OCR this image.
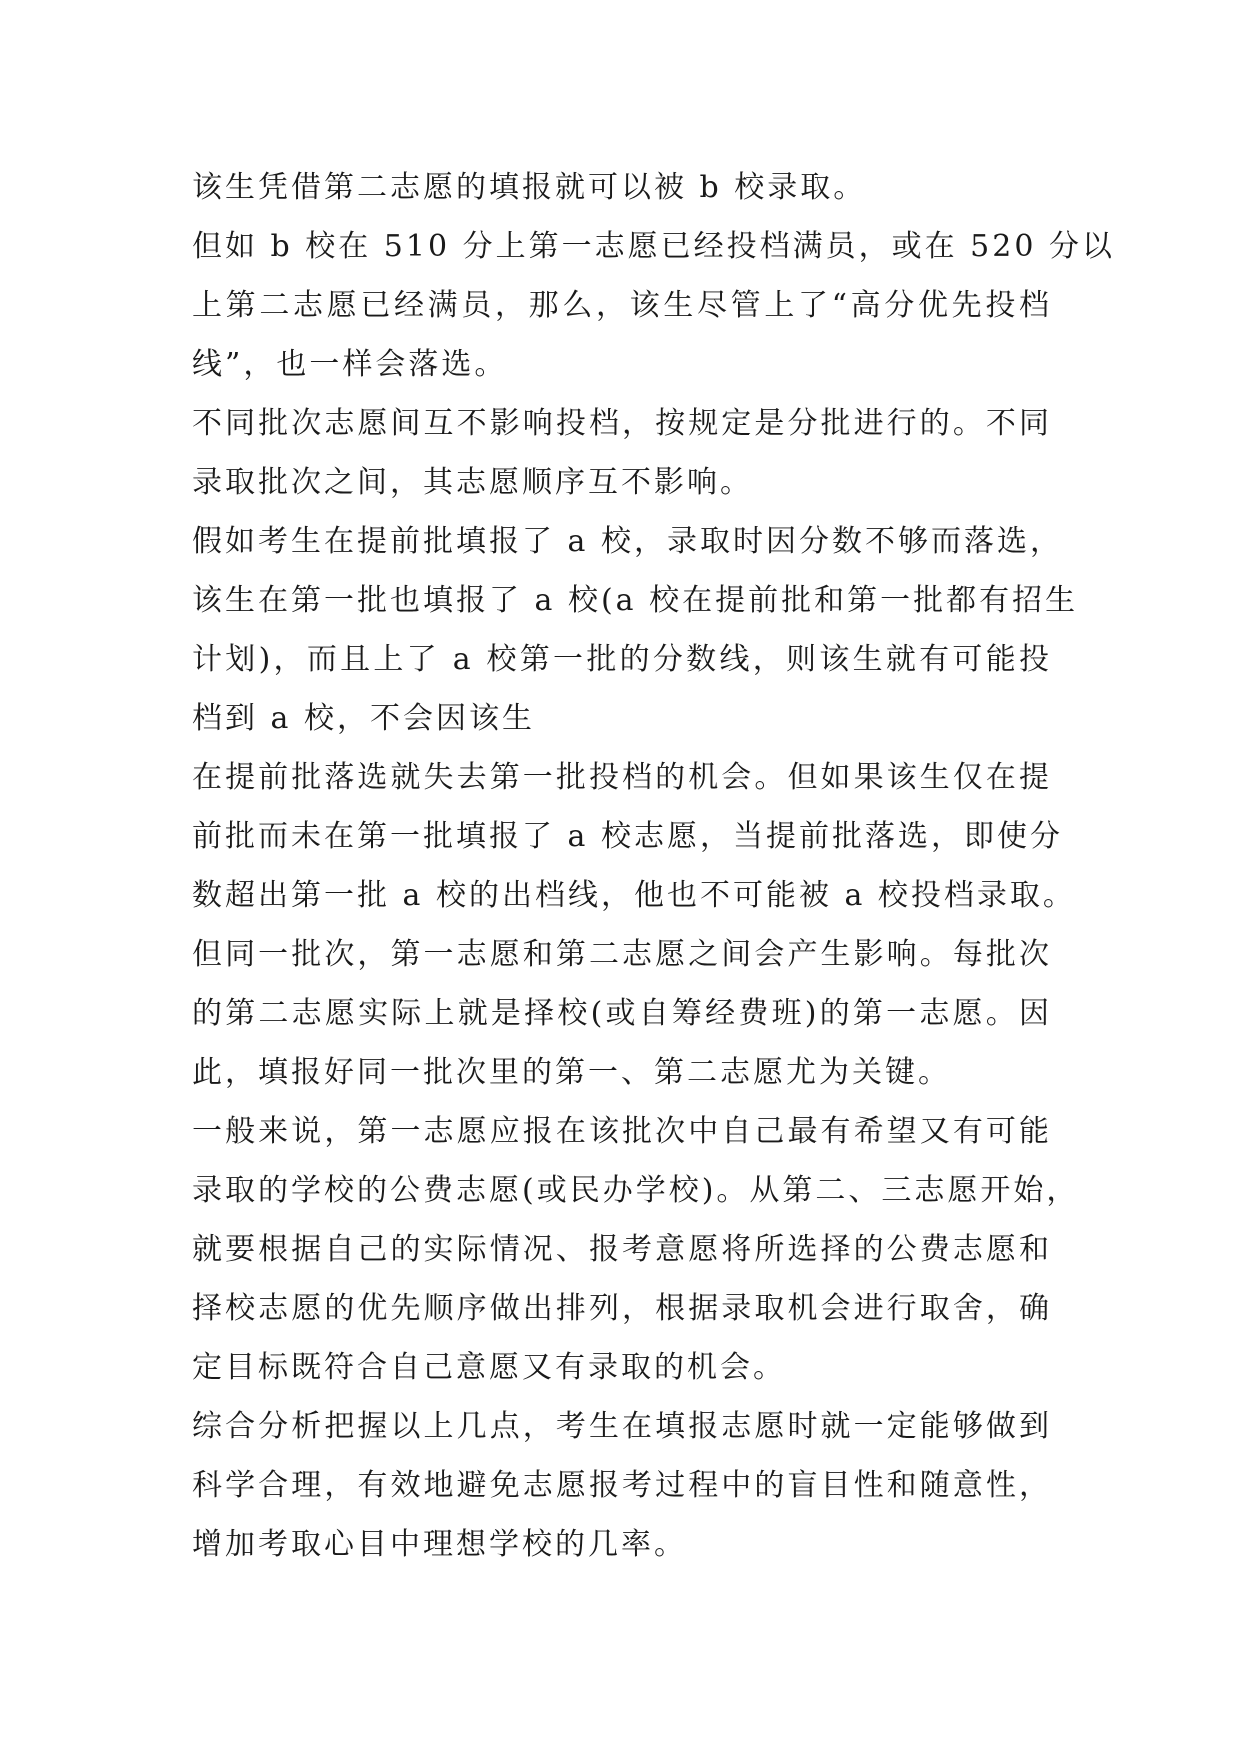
该生凭借第二志愿的填报就可以被 b 校录取。
但如 b 校在 510 分上第一志愿已经投档满员，或在 520 分以
上第二志愿已经满员，那么，该生尽管上了“高分优先投档
线”，也一样会落选。
不同批次志愿间互不影响投档，按规定是分批进行的。不同
录取批次之间，其志愿顺序互不影响。
假如考生在提前批填报了 a 校，录取时因分数不够而落选，
该生在第一批也填报了 a 校(a 校在提前批和第一批都有招生
计划)，而且上了 a 校第一批的分数线，则该生就有可能投
档到 a 校，不会因该生
在提前批落选就失去第一批投档的机会。但如果该生仅在提
前批而未在第一批填报了 a 校志愿，当提前批落选，即使分
数超出第一批 a 校的出档线，他也不可能被 a 校投档录取。
但同一批次，第一志愿和第二志愿之间会产生影响。每批次
的第二志愿实际上就是择校(或自筹经费班)的第一志愿。因
此，填报好同一批次里的第一、第二志愿尤为关键。
一般来说，第一志愿应报在该批次中自己最有希望又有可能
录取的学校的公费志愿(或民办学校)。从第二、三志愿开始，
就要根据自己的实际情况、报考意愿将所选择的公费志愿和
择校志愿的优先顺序做出排列，根据录取机会进行取舍，确
定目标既符合自己意愿又有录取的机会。
综合分析把握以上几点，考生在填报志愿时就一定能够做到
科学合理，有效地避免志愿报考过程中的盲目性和随意性，
增加考取心目中理想学校的几率。
